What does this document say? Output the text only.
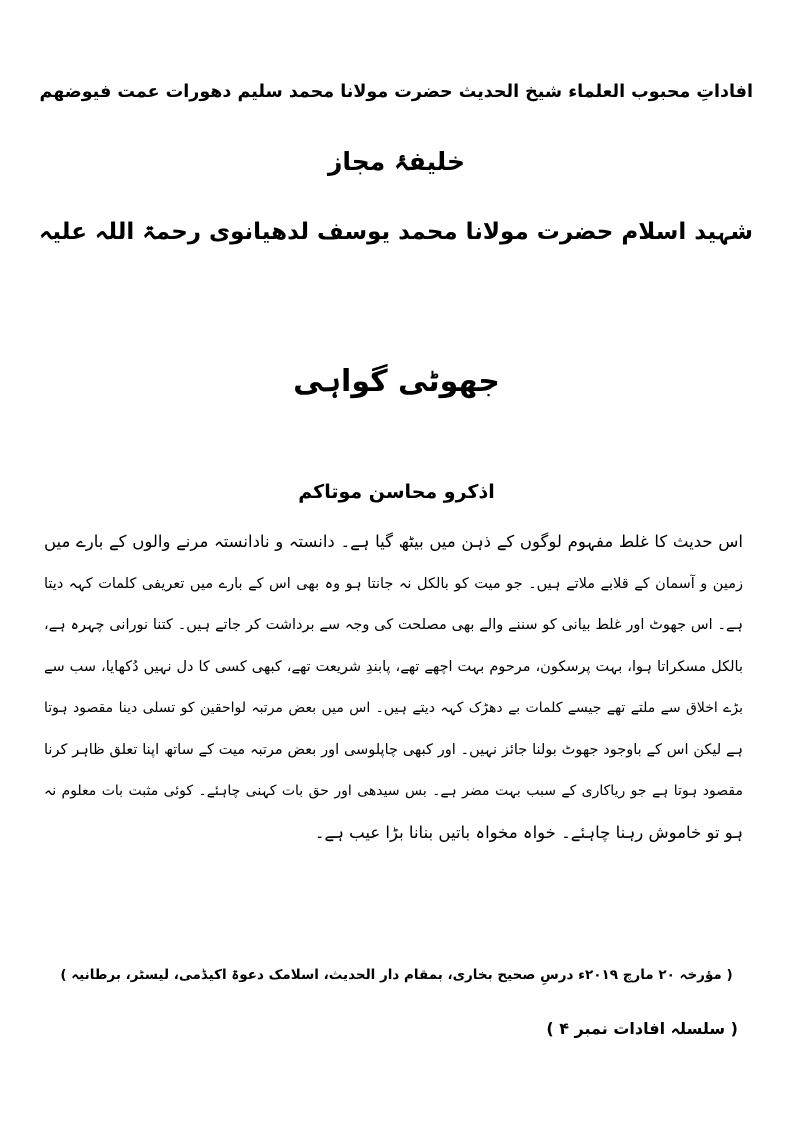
افاداتِ محبوب العلماء شیخ الحدیث حضرت مولانا محمد سلیم دھورات عمت فیوضھم
خلیفۂ مجاز
شہید اسلام حضرت مولانا محمد یوسف لدھیانوی رحمۃ اللہ علیہ
جھوٹی گواہی
اذکرو محاسن موتاکم
اس حدیث کا غلط مفہوم لوگوں کے ذہن میں بیٹھ گیا ہے۔ دانستہ و نادانستہ مرنے والوں کے بارے میں
زمین و آسمان کے قلابے ملاتے ہیں۔ جو میت کو بالکل نہ جانتا ہو وہ بھی اس کے بارے میں تعریفی کلمات کہہ دیتا
ہے۔ اس جھوٹ اور غلط بیانی کو سننے والے بھی مصلحت کی وجہ سے برداشت کر جاتے ہیں۔ کتنا نورانی چہرہ ہے،
بالکل مسکراتا ہوا، بہت پرسکون، مرحوم بہت اچھے تھے، پابندِ شریعت تھے، کبھی کسی کا دل نہیں دُکھایا، سب سے
بڑے اخلاق سے ملتے تھے جیسے کلمات بے دھڑک کہہ دیتے ہیں۔ اس میں بعض مرتبہ لواحقین کو تسلی دینا مقصود ہوتا
ہے لیکن اس کے باوجود جھوٹ بولنا جائز نہیں۔ اور کبھی چاپلوسی اور بعض مرتبہ میت کے ساتھ اپنا تعلق ظاہر کرنا
مقصود ہوتا ہے جو ریاکاری کے سبب بہت مضر ہے۔ بس سیدھی اور حق بات کہنی چاہئے۔ کوئی مثبت بات معلوم نہ
ہو تو خاموش رہنا چاہئے۔ خواہ مخواہ باتیں بنانا بڑا عیب ہے۔
( مؤرخہ ۲۰ مارچ ۲۰۱۹ء درسِ صحیح بخاری، بمقام دار الحدیث، اسلامک دعوۃ اکیڈمی، لیسٹر، برطانیہ )
( سلسلہ افادات نمبر ۴ )
